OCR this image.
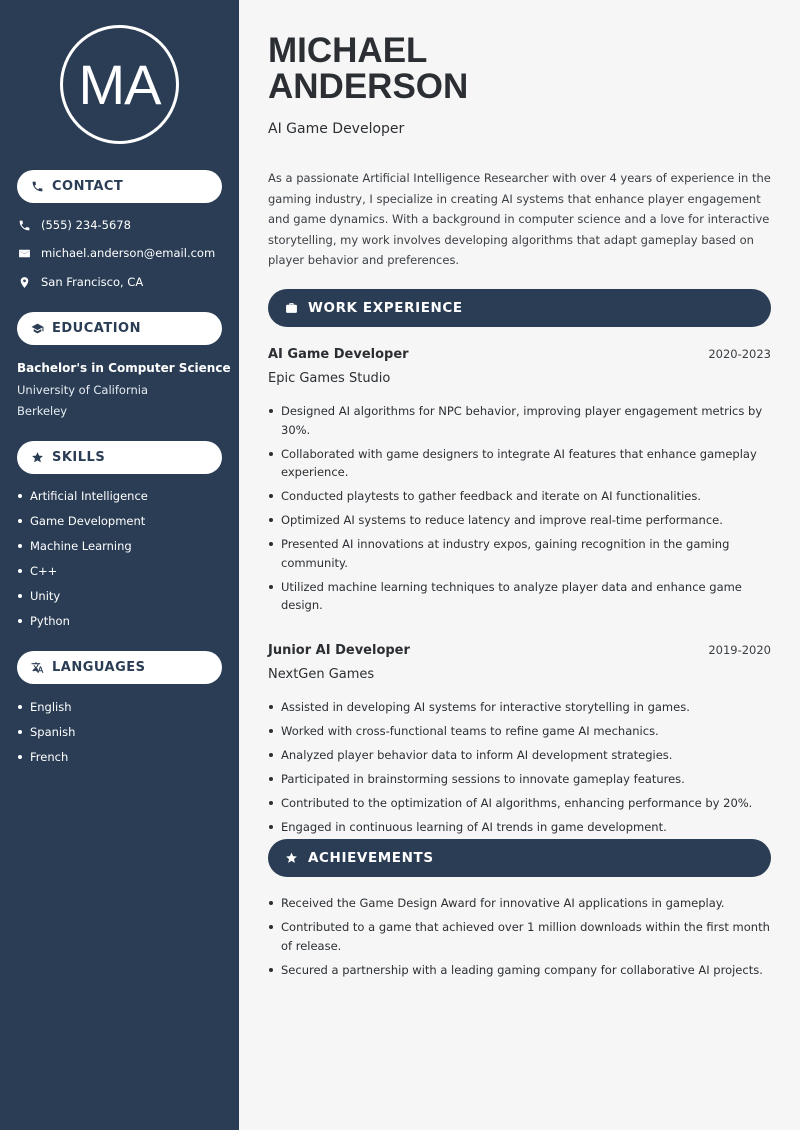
MA
CONTACT
(555) 234-5678
michael.anderson@email.com
San Francisco, CA
EDUCATION
Bachelor's in Computer Science
University of California
Berkeley
SKILLS
Artificial Intelligence
Game Development
Machine Learning
C++
Unity
Python
LANGUAGES
English
Spanish
French
MICHAEL
ANDERSON
AI Game Developer

As a passionate Artificial Intelligence Researcher with over 4 years of experience in the gaming industry, I specialize in creating AI systems that enhance player engagement and game dynamics. With a background in computer science and a love for interactive storytelling, my work involves developing algorithms that adapt gameplay based on player behavior and preferences.

WORK EXPERIENCE
AI Game Developer	2020-2023
Epic Games Studio
Designed AI algorithms for NPC behavior, improving player engagement metrics by 30%.
Collaborated with game designers to integrate AI features that enhance gameplay experience.
Conducted playtests to gather feedback and iterate on AI functionalities.
Optimized AI systems to reduce latency and improve real-time performance.
Presented AI innovations at industry expos, gaining recognition in the gaming community.
Utilized machine learning techniques to analyze player data and enhance game design.
Junior AI Developer	2019-2020
NextGen Games
Assisted in developing AI systems for interactive storytelling in games.
Worked with cross-functional teams to refine game AI mechanics.
Analyzed player behavior data to inform AI development strategies.
Participated in brainstorming sessions to innovate gameplay features.
Contributed to the optimization of AI algorithms, enhancing performance by 20%.
Engaged in continuous learning of AI trends in game development.
ACHIEVEMENTS
Received the Game Design Award for innovative AI applications in gameplay.
Contributed to a game that achieved over 1 million downloads within the first month of release.
Secured a partnership with a leading gaming company for collaborative AI projects.
